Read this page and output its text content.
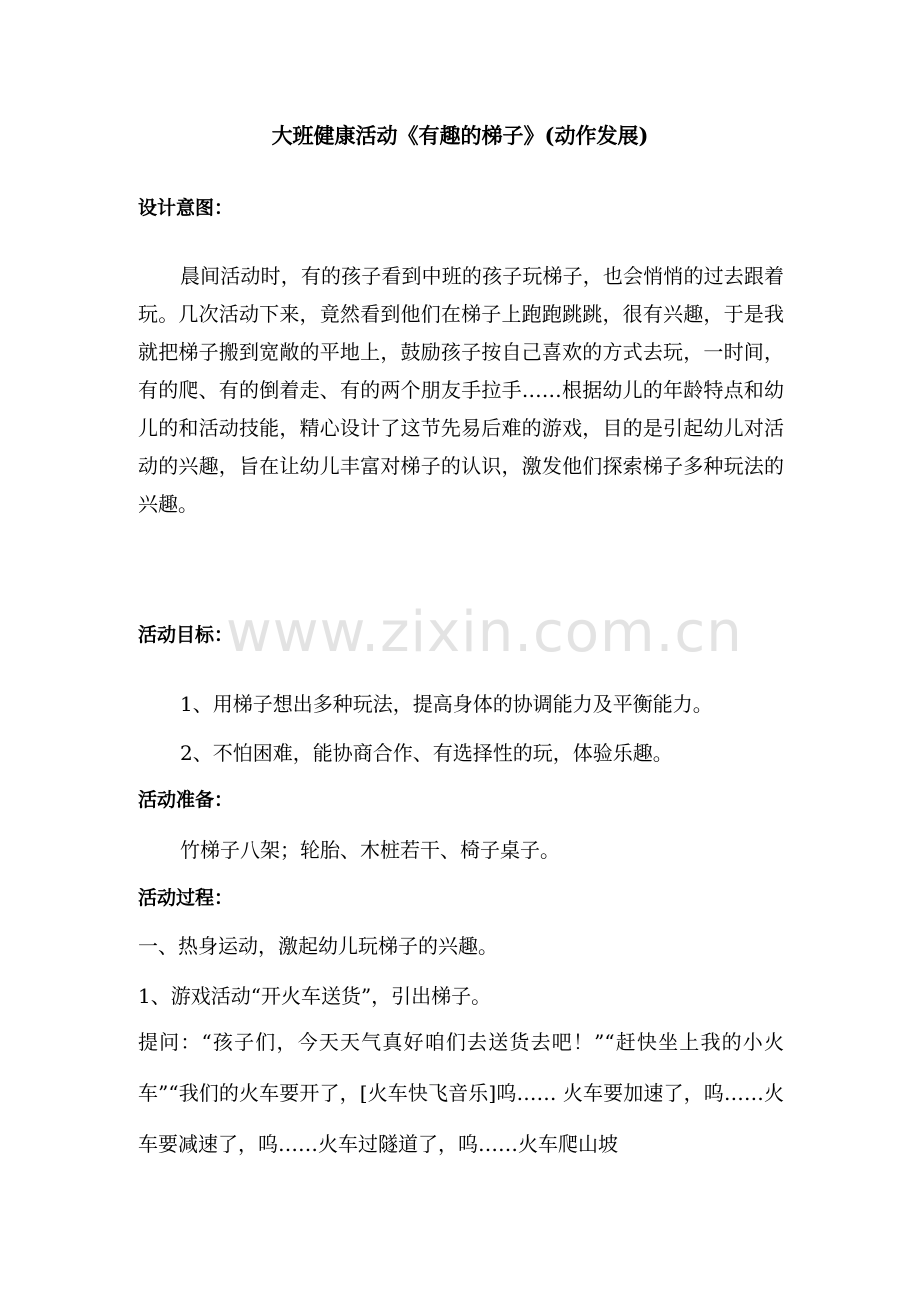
www.zixin.com.cn
大班健康活动《有趣的梯子》(动作发展)
设计意图：
晨间活动时，有的孩子看到中班的孩子玩梯子，也会悄悄的过去跟着玩。几次活动下来，竟然看到他们在梯子上跑跑跳跳，很有兴趣，于是我就把梯子搬到宽敞的平地上，鼓励孩子按自己喜欢的方式去玩，一时间，有的爬、有的倒着走、有的两个朋友手拉手……根据幼儿的年龄特点和幼儿的和活动技能，精心设计了这节先易后难的游戏，目的是引起幼儿对活动的兴趣，旨在让幼儿丰富对梯子的认识，激发他们探索梯子多种玩法的兴趣。
活动目标：
1、用梯子想出多种玩法，提高身体的协调能力及平衡能力。
2、不怕困难，能协商合作、有选择性的玩，体验乐趣。
活动准备：
竹梯子八架；轮胎、木桩若干、椅子桌子。
活动过程：
一、热身运动，激起幼儿玩梯子的兴趣。
1、游戏活动“开火车送货”，引出梯子。
提问：“孩子们，今天天气真好咱们去送货去吧！”“赶快坐上我的小火车”“我们的火车要开了，[火车快飞音乐]呜…… 火车要加速了，呜……火车要减速了，呜……火车过隧道了，呜……火车爬山坡
